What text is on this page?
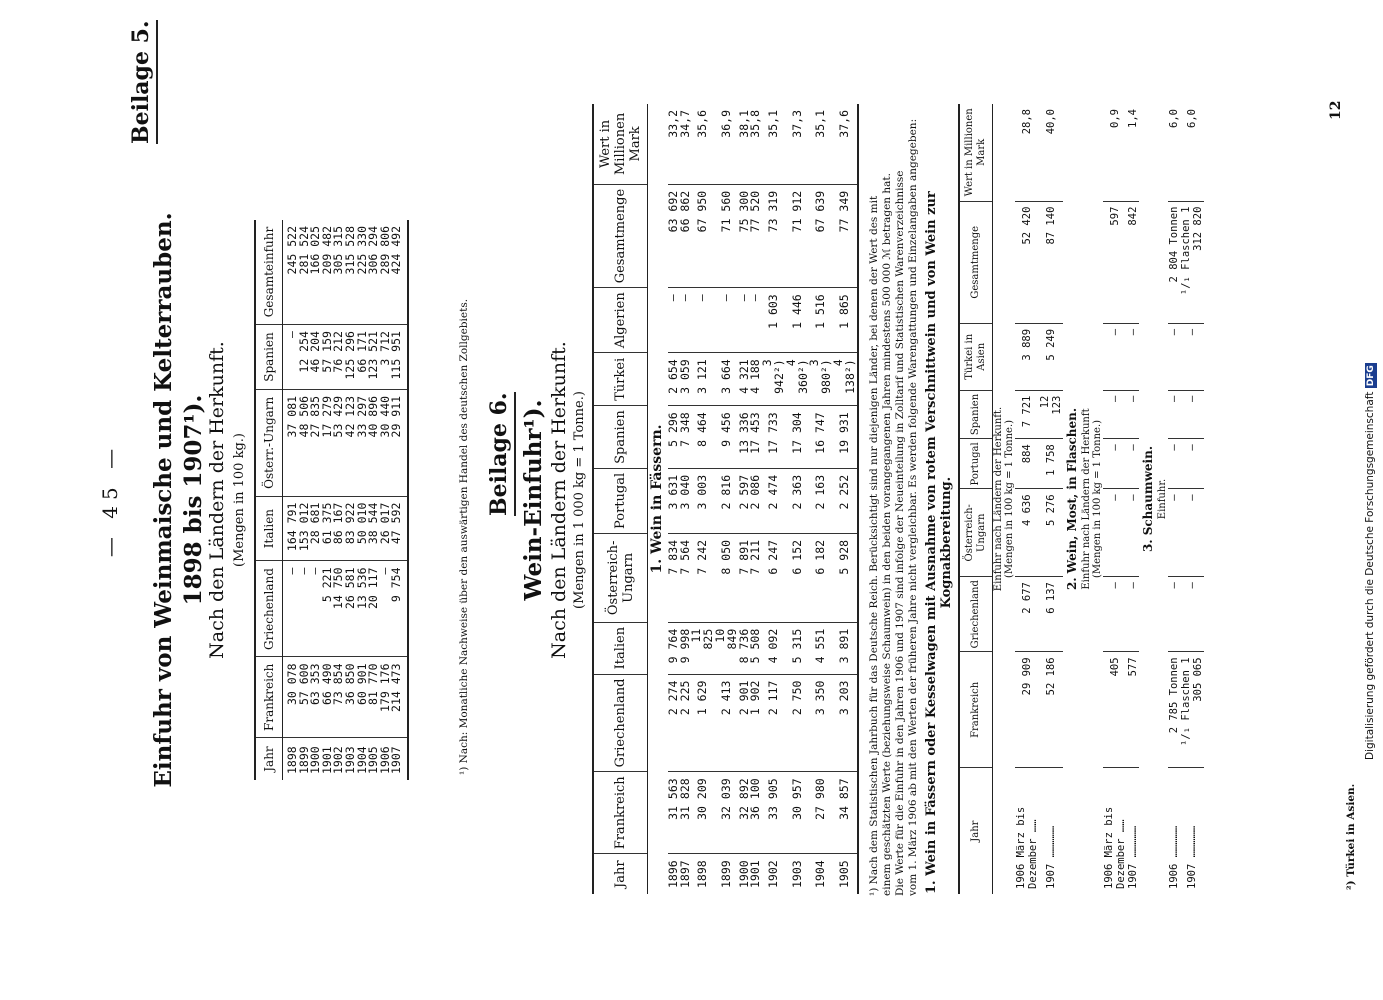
Digitalisierung gefördert durch die Deutsche Forschungsgemeinschaft DFG
— 45 —
Beilage 5.
Einfuhr von Weinmaische und Kelterrauben. 1898 bis 1907¹). Nach den Ländern der Herkunft. (Mengen in 100 kg.)
Jahr	Frankreich	Griechenland	Italien	Österr.-Ungarn	Spanien	Gesamteinfuhr
1898	30 078	—	164 791	37 081	—	245 522
1899	57 600	—	153 012	48 506	12 254	281 524
1900	63 353	—	28 681	27 835	46 204	166 025
1901	66 490	5 221	61 375	17 279	57 159	209 482
1902	73 854	14 750	86 167	53 429	76 212	305 315
1903	36 850	26 581	83 922	42 123	125 296	315 528
1904	60 901	13 536	50 010	33 297	66 171	225 330
1905	81 770	20 117	38 544	40 896	123 521	306 294
1906	179 176	—	26 017	30 440	3 712	289 806
1907	214 473	9 754	47 592	29 911	115 951	424 492
¹) Nach: Monatliche Nachweise über den auswärtigen Handel des deutschen Zollgebiets. Beilage 6. Wein-Einfuhr¹). Nach den Ländern der Herkunft. (Mengen in 1 000 kg = 1 Tonne.)
Jahr	Frankreich	Griechenland	Italien	Österreich-Ungarn	Portugal	Spanien	Türkei	Algerien	Gesamtmenge	Wert in Millionen Mark
1. Wein in Fässern.										
1896	31 563	2 274	9 764	7 834	3 631	5 296	2 654	—	63 692	33,2
1897	31 828	2 225	9 998	7 564	3 040	7 348	3 059	—	66 862	34,7
1898	30 209	1 629	11 825	7 242	3 003	8 464	3 121	—	67 950	35,6
1899	32 039	2 413	10 849	8 050	2 816	9 456	3 664	—	71 560	36,9
1900	32 892	2 901	8 736	7 891	2 597	13 336	4 321	—	75 300	38,1
1901	36 100	1 902	5 508	7 211	2 086	17 453	4 188	—	77 520	35,8
1902	33 905	2 117	4 092	6 247	2 474	17 733	3 942²)	1 603	73 319	35,1
1903	30 957	2 750	5 315	6 152	2 363	17 304	4 360²)	1 446	71 912	37,3
1904	27 980	3 350	4 551	6 182	2 163	16 747	3 980²)	1 516	67 639	35,1
1905	34 857	3 203	3 891	5 928	2 252	19 931	4 138²)	1 865	77 349	37,6
¹) Nach dem Statistischen Jahrbuch für das Deutsche Reich. Berücksichtigt sind nur diejenigen Länder, bei denen der Wert des mit einem geschätzten Werte (beziehungsweise Schaumwein) in den beiden vorangegangenen Jahren mindestens 500 000 ℳ betragen hat. Die Werte für die Einfuhr in den Jahren 1906 und 1907 sind infolge der Neueinteilung in Zolltarif und Statistischen Warenverzeichnisse vom 1. März 1906 ab mit den Werten der früheren Jahre nicht vergleichbar. Es werden folgende Warengattungen und Einzelangaben angegeben: 1. Wein in Fässern oder Kesselwagen mit Ausnahme von rotem Verschnittwein und von Wein zur Kognakbereitung.
Jahr	Frankreich	Griechenland	Österreich-Ungarn	Portugal	Spanien	Türkei in Asien	Gesamtmenge	Wert in Millionen Mark
Einfuhr nach Ländern der Herkunft.								
(Mengen in 100 kg = 1 Tonne.)								
1906 März bis Dezember ……	29 909	2 677	4 636	884	7 721	3 889	52 420	28,8
1907 ……………	52 186	6 137	5 276	1 758	12 123	5 249	87 140	40,0
2. Wein, Most, in Flaschen.								
Einfuhr nach Ländern der Herkunft								
(Mengen in 100 kg = 1 Tonne.)								
1906 März bis Dezember ……	405	—	—	—	—	—	597	0,9
1907 ……………	577	—	—	—	—	—	842	1,4
3. Schaumwein.								
Einfuhr.								
1906 ……………	2 785 Tonnen	—	—	—	—	—	2 804 Tonnen	6,0
1907 ……………	¹/₁ Flaschen 1 305 065	—	—	—	—	—	¹/₁ Flaschen 1 312 820	6,0	12
²) Türkei in Asien.
